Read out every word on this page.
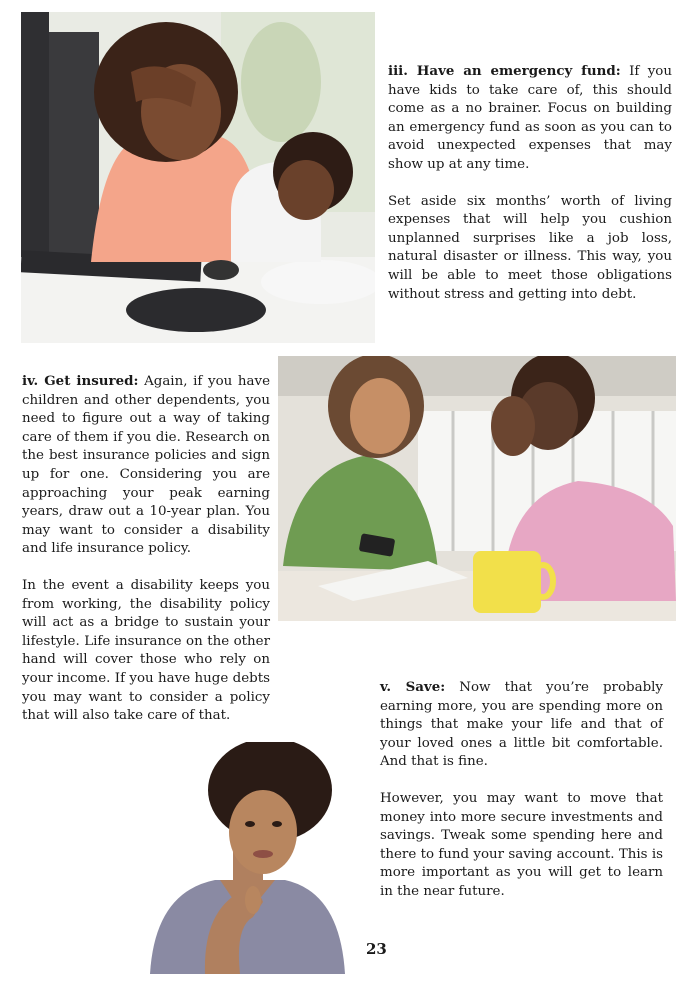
iii. Have an emergency fund: If you have kids to take care of, this should come as a no brainer. Focus on building an emergency fund as soon as you can to avoid unexpected expenses that may show up at any time.

Set aside six months’ worth of living expenses that will help you cushion unplanned surprises like a job loss, natural disaster or illness. This way, you will be able to meet those obligations without stress and getting into debt.

iv. Get insured: Again, if you have children and other dependents, you need to figure out a way of taking care of them if you die. Research on the best insurance policies and sign up for one. Considering you are approaching your peak earning years, draw out a 10-year plan. You may want to consider a disability and life insurance policy.

In the event a disability keeps you from working, the disability policy will act as a bridge to sustain your lifestyle. Life insurance on the other hand will cover those who rely on your income. If you have huge debts you may want to consider a policy that will also take care of that.

v. Save: Now that you’re probably earning more, you are spending more on things that make your life and that of your loved ones a little bit comfortable. And that is fine.

However, you may want to move that money into more secure investments and savings. Tweak some spending here and there to fund your saving account. This is more important as you will get to learn in the near future.

23
